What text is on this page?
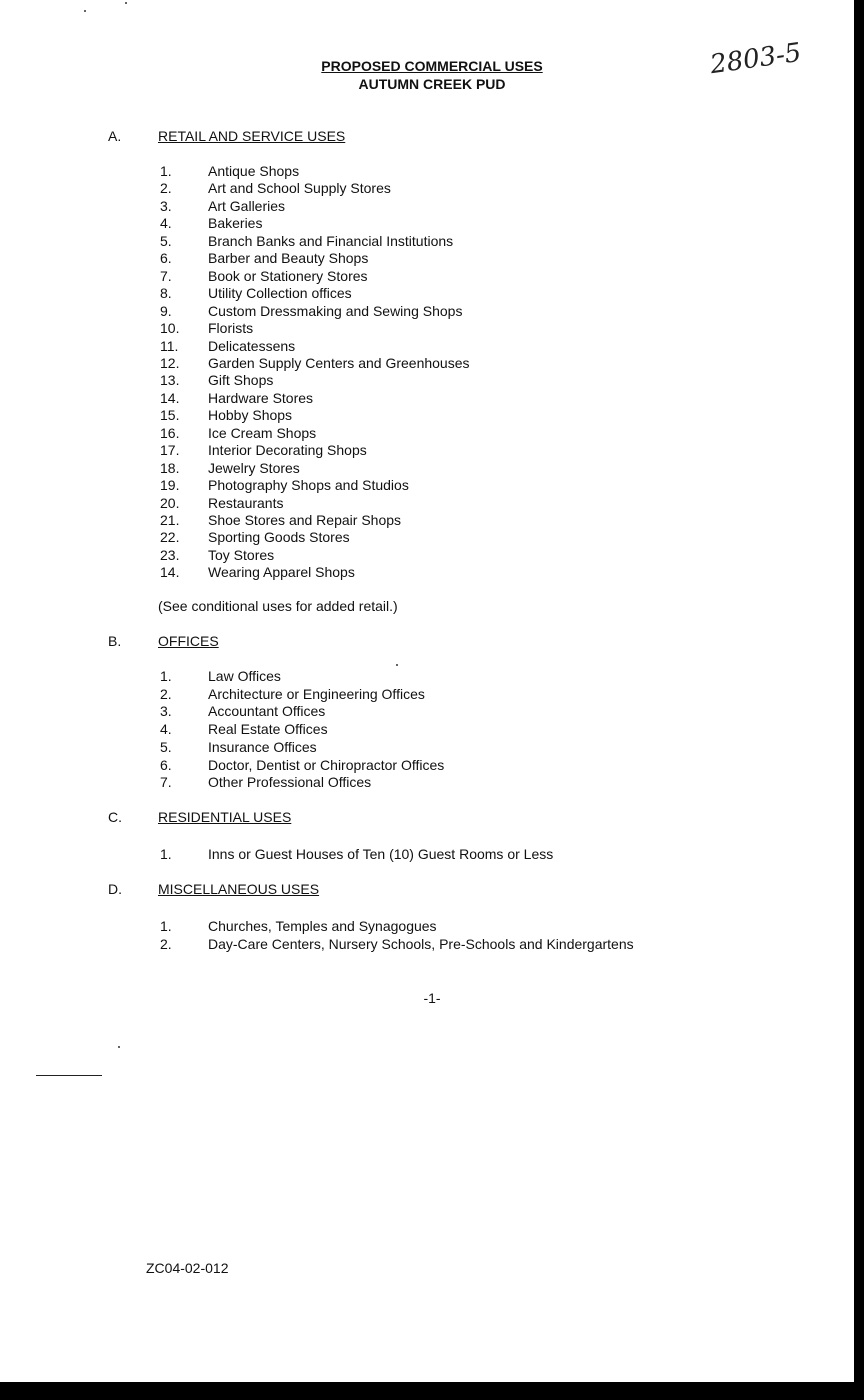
PROPOSED COMMERCIAL USES
AUTUMN CREEK PUD
2803-5
A.	RETAIL AND SERVICE USES
1.	Antique Shops
2.	Art and School Supply Stores
3.	Art Galleries
4.	Bakeries
5.	Branch Banks and Financial Institutions
6.	Barber and Beauty Shops
7.	Book or Stationery Stores
8.	Utility Collection offices
9.	Custom Dressmaking and Sewing Shops
10. Florists
11. Delicatessens
12. Garden Supply Centers and Greenhouses
13. Gift Shops
14. Hardware Stores
15. Hobby Shops
16. Ice Cream Shops
17. Interior Decorating Shops
18. Jewelry Stores
19. Photography Shops and Studios
20. Restaurants
21. Shoe Stores and Repair Shops
22. Sporting Goods Stores
23. Toy Stores
14. Wearing Apparel Shops
(See conditional uses for added retail.)
B.	OFFICES
1.	Law Offices
2.	Architecture or Engineering Offices
3.	Accountant Offices
4.	Real Estate Offices
5.	Insurance Offices
6.	Doctor, Dentist or Chiropractor Offices
7.	Other Professional Offices
C.	RESIDENTIAL USES
1.	Inns or Guest Houses of Ten (10) Guest Rooms or Less
D.	MISCELLANEOUS USES
1.	Churches, Temples and Synagogues
2.	Day-Care Centers, Nursery Schools, Pre-Schools and Kindergartens
-1-
ZC04-02-012
